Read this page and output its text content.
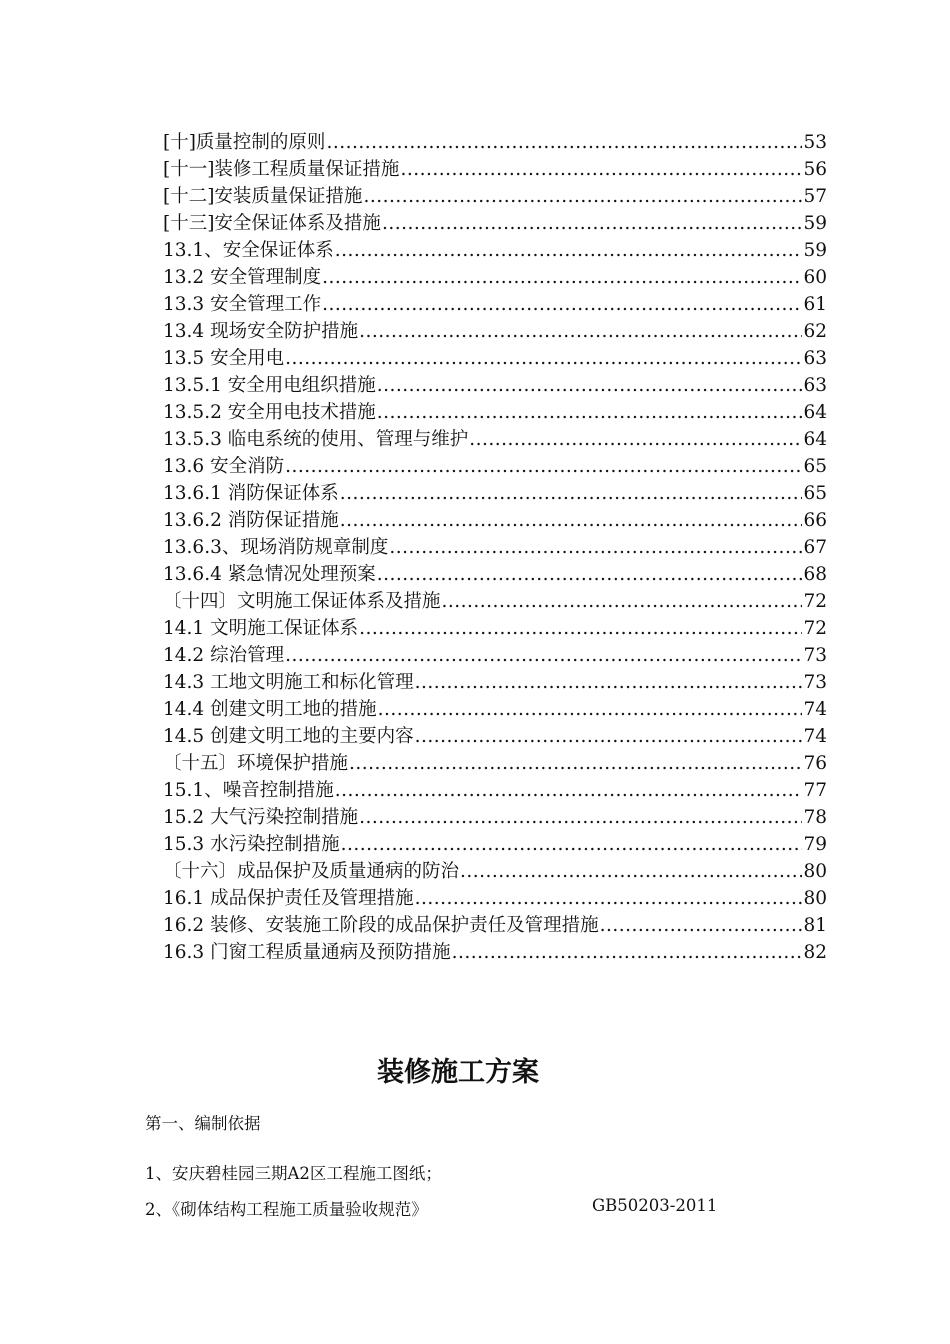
[十]质量控制的原则 .....	53
[十一]装修工程质量保证措施 .....	56
[十二]安装质量保证措施 .....	57
[十三]安全保证体系及措施 .....	59
13.1、安全保证体系 .....	59
13.2 安全管理制度 .....	60
13.3 安全管理工作 .....	61
13.4 现场安全防护措施 .....	62
13.5 安全用电 .....	63
13.5.1 安全用电组织措施 .....	63
13.5.2 安全用电技术措施 .....	64
13.5.3 临电系统的使用、管理与维护 .....	64
13.6 安全消防 .....	65
13.6.1 消防保证体系 .....	65
13.6.2 消防保证措施 .....	66
13.6.3、现场消防规章制度 .....	67
13.6.4 紧急情况处理预案 .....	68
〔十四〕文明施工保证体系及措施 .....	72
14.1 文明施工保证体系 .....	72
14.2 综治管理 .....	73
14.3 工地文明施工和标化管理 .....	73
14.4 创建文明工地的措施 .....	74
14.5 创建文明工地的主要内容 .....	74
〔十五〕环境保护措施 .....	76
15.1、噪音控制措施 .....	77
15.2 大气污染控制措施 .....	78
15.3 水污染控制措施 .....	79
〔十六〕成品保护及质量通病的防治 .....	80
16.1 成品保护责任及管理措施 .....	80
16.2 装修、安装施工阶段的成品保护责任及管理措施 .....	81
16.3 门窗工程质量通病及预防措施 .....	82
装修施工方案
第一、编制依据
1、安庆碧桂园三期A2区工程施工图纸；
2、《砌体结构工程施工质量验收规范》	GB50203-2011
